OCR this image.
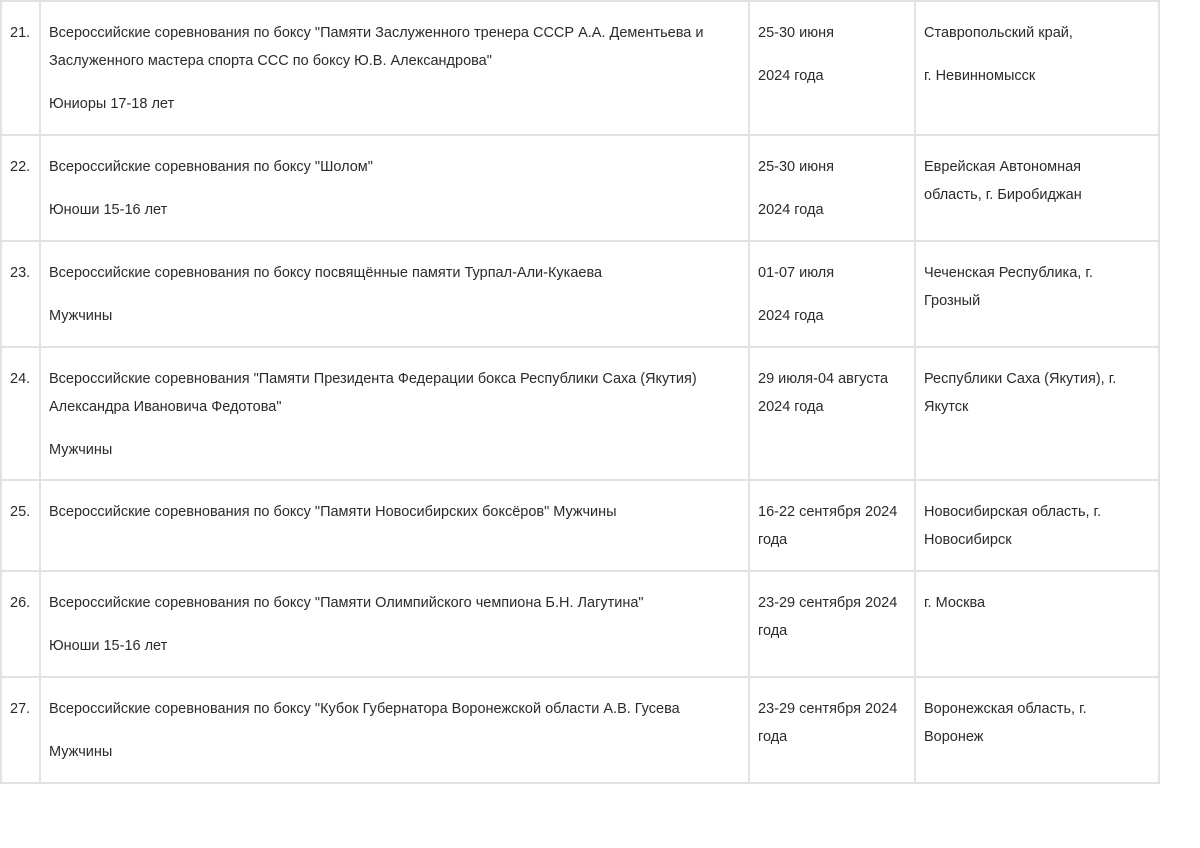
21.	Всероссийские соревнования по боксу "Памяти Заслуженного тренера СССР А.А. Дементьева и
Заслуженного мастера спорта ССС по боксу Ю.В. Александрова"
Юниоры 17-18 лет	25-30 июня
2024 года	Ставропольский край,
г. Невинномысск

22.	Всероссийские соревнования по боксу "Шолом"
Юноши 15-16 лет	25-30 июня
2024 года	Еврейская Автономная
область, г. Биробиджан

23.	Всероссийские соревнования по боксу посвящённые памяти Турпал-Али-Кукаева
Мужчины	01-07 июля
2024 года	Чеченская Республика, г.
Грозный

24.	Всероссийские соревнования "Памяти Президента Федерации бокса Республики Саха (Якутия)
Александра Ивановича Федотова"
Мужчины	29 июля-04 августа
2024 года	Республики Саха (Якутия), г.
Якутск

25.	Всероссийские соревнования по боксу "Памяти Новосибирских боксёров" Мужчины	16-22 сентября 2024
года	Новосибирская область, г.
Новосибирск

26.	Всероссийские соревнования по боксу "Памяти Олимпийского чемпиона Б.Н. Лагутина"
Юноши 15-16 лет	23-29 сентября 2024
года	г. Москва

27.	Всероссийские соревнования по боксу "Кубок Губернатора Воронежской области А.В. Гусева
Мужчины	23-29 сентября 2024
года	Воронежская область, г.
Воронеж
